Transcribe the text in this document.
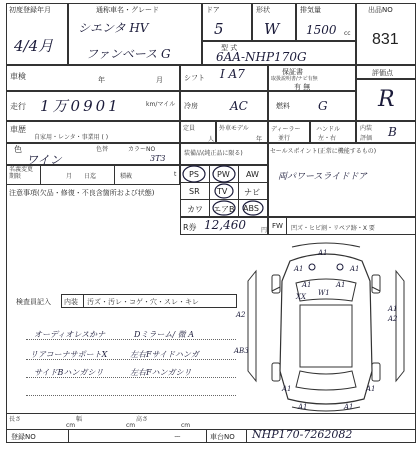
初度登録年月
4/4月
通称車名・グレード
シエンタ HV
ファンベース G
ドア
5
形状
W
排気量
1500 cc
出品NO
831
型 式
6AA-NHP170G
車検	年	月	シフト I A7	保証書
取扱説明書/ナビ有無
有 無
評価点
R
走行 1万0901	km/マイル 冷房	AC	燃料 G
車歴
自家用・レンタ・事業用 ( )
定員
人
外車モデル
年
ディーラー
並行
ハンドル
左・右
内装
評価 B
色
ワイン
色替	カラーNO
3T3
名義変更期限	月 日迄	積載	t
注意事項(欠品・修復・不良含箇所および状態)
装備品(純正品に限る)
PS PW AW
SR TV ナビ
カワ エアB ABS
R券 12,460	円
セールスポイント(正常に機能するもの)
両パワースライドドア
FW 凹ズ・ヒビ割・リペア跡・X 要
検査員記入 内装 汚ズ・汚レ・コゲ・穴・スレ・キレ
オーディオレスかナ
リアコーナサポートX
サイドBハンガシリ
Dミラーム/ 微 A
左右Fサイドハンガ
左右Fハンガシリ
A1
A1	A1
A1	A1
W1
XX
A2	A2
A1
AB3
A1	A1
A1	A1
長さ
cm
幅
cm
高さ
cm
登録NO	ー	車台NO NHP170-7262082
